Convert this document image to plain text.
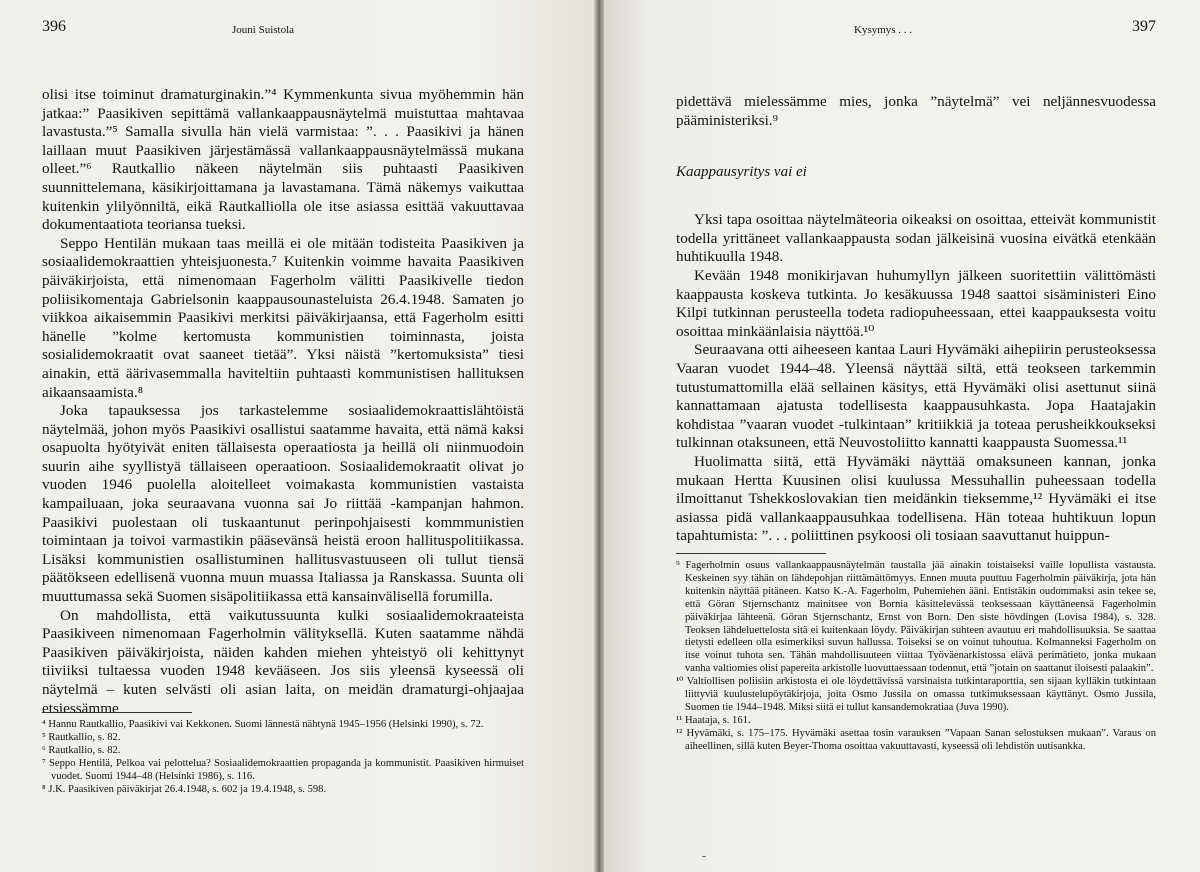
396	Jouni Suistola

olisi itse toiminut dramaturginakin.”⁴ Kymmenkunta sivua myöhemmin hän jatkaa:” Paasikiven sepittämä vallankaappausnäytelmä muistuttaa mahtavaa lavastusta.”⁵ Samalla sivulla hän vielä varmistaa: ”. . . Paasikivi ja hänen laillaan muut Paasikiven järjestämässä vallankaappausnäytelmässä mukana olleet.”⁶ Rautkallio näkeen näytelmän siis puhtaasti Paasikiven suunnittelemana, käsikirjoittamana ja lavastamana. Tämä näkemys vaikuttaa kuitenkin ylilyönniltä, eikä Rautkalliolla ole itse asiassa esittää vakuuttavaa dokumentaatiota teoriansa tueksi.

Seppo Hentilän mukaan taas meillä ei ole mitään todisteita Paasikiven ja sosiaalidemokraattien yhteisjuonesta.⁷ Kuitenkin voimme havaita Paasikiven päiväkirjoista, että nimenomaan Fagerholm välitti Paasikivelle tiedon poliisikomentaja Gabrielsonin kaappausounasteluista 26.4.1948. Samaten jo viikkoa aikaisemmin Paasikivi merkitsi päiväkirjaansa, että Fagerholm esitti hänelle ”kolme kertomusta kommunistien toiminnasta, joista sosialidemokraatit ovat saaneet tietää”. Yksi näistä ”kertomuksista” tiesi ainakin, että äärivasemmalla haviteltiin puhtaasti kommunistisen hallituksen aikaansaamista.⁸

Joka tapauksessa jos tarkastelemme sosiaalidemokraattislähtöistä näytelmää, johon myös Paasikivi osallistui saatamme havaita, että nämä kaksi osapuolta hyötyivät eniten tällaisesta operaatiosta ja heillä oli niinmuodoin suurin aihe syyllistyä tällaiseen operaatioon. Sosiaalidemokraatit olivat jo vuoden 1946 puolella aloitelleet voimakasta kommunistien vastaista kampailuaan, joka seuraavana vuonna sai Jo riittää -kampanjan hahmon. Paasikivi puolestaan oli tuskaantunut perinpohjaisesti kommmunistien toimintaan ja toivoi varmastikin pääsevänsä heistä eroon hallituspolitiikassa. Lisäksi kommunistien osallistuminen hallitusvastuuseen oli tullut tiensä päätökseen edellisenä vuonna muun muassa Italiassa ja Ranskassa. Suunta oli muuttumassa sekä Suomen sisäpolitiikassa että kansainvälisellä forumilla.

On mahdollista, että vaikutussuunta kulki sosiaalidemokraateista Paasikiveen nimenomaan Fagerholmin välityksellä. Kuten saatamme nähdä Paasikiven päiväkirjoista, näiden kahden miehen yhteistyö oli kehittynyt tiiviiksi tultaessa vuoden 1948 kevääseen. Jos siis yleensä kyseessä oli näytelmä – kuten selvästi oli asian laita, on meidän dramaturgi-ohjaajaa etsiessämme

⁴ Hannu Rautkallio, Paasikivi vai Kekkonen. Suomi lännestä nähtynä 1945–1956 (Helsinki 1990), s. 72.

⁵ Rautkallio, s. 82.

⁶ Rautkallio, s. 82.

⁷ Seppo Hentilä, Pelkoa vai pelottelua? Sosiaalidemokraattien propaganda ja kommunistit. Paasikiven hirmuiset vuodet. Suomi 1944–48 (Helsinki 1986), s. 116.

⁸ J.K. Paasikiven päiväkirjat 26.4.1948, s. 602 ja 19.4.1948, s. 598.

Kysymys . . .	397

pidettävä mielessämme mies, jonka ”näytelmä” vei neljännesvuodessa pääministeriksi.⁹

Kaappausyritys vai ei

Yksi tapa osoittaa näytelmäteoria oikeaksi on osoittaa, etteivät kommunistit todella yrittäneet vallankaappausta sodan jälkeisinä vuosina eivätkä etenkään huhtikuulla 1948.

Kevään 1948 monikirjavan huhumyllyn jälkeen suoritettiin välittömästi kaappausta koskeva tutkinta. Jo kesäkuussa 1948 saattoi sisäministeri Eino Kilpi tutkinnan perusteella todeta radiopuheessaan, ettei kaappauksesta voitu osoittaa minkäänlaisia näyttöä.¹⁰

Seuraavana otti aiheeseen kantaa Lauri Hyvämäki aihepiirin perusteoksessa Vaaran vuodet 1944–48. Yleensä näyttää siltä, että teokseen tarkemmin tutustumattomilla elää sellainen käsitys, että Hyvämäki olisi asettunut siinä kannattamaan ajatusta todellisesta kaappausuhkasta. Jopa Haatajakin kohdistaa ”vaaran vuodet -tulkintaan” kritiikkiä ja toteaa perusheikkoukseksi tulkinnan otaksuneen, että Neuvostoliitto kannatti kaappausta Suomessa.¹¹

Huolimatta siitä, että Hyvämäki näyttää omaksuneen kannan, jonka mukaan Hertta Kuusinen olisi kuulussa Messuhallin puheessaan todella ilmoittanut Tshekkoslovakian tien meidänkin tieksemme,¹² Hyvämäki ei itse asiassa pidä vallankaappausuhkaa todellisena. Hän toteaa huhtikuun lopun tapahtumista: ”. . . poliittinen psykoosi oli tosiaan saavuttanut huippun-

⁹ Fagerholmin osuus vallankaappausnäytelmän taustalla jää ainakin toistaiseksi vaille lopullista vastausta. Keskeinen syy tähän on lähdepohjan riittämättömyys. Ennen muuta puuttuu Fagerholmin päiväkirja, jota hän kuitenkin näyttää pitäneen. Katso K.-A. Fagerholm, Puhemiehen ääni. Entistäkin oudommaksi asin tekee se, että Göran Stjernschantz mainitsee von Bornia käsittelevässä teoksessaan käyttäneensä Fagerholmin päiväkirjaa lähteenä. Göran Stjernschantz, Ernst von Born. Den siste hövdingen (Lovisa 1984), s. 328. Teoksen lähdeluettelosta sitä ei kuitenkaan löydy. Päiväkirjan suhteen avautuu eri mahdollisuuksia. Se saattaa tietysti edelleen olla esimerkiksi suvun hallussa. Toiseksi se on voinut tuhoutua. Kolmanneksi Fagerholm on itse voinut tuhota sen. Tähän mahdollisuuteen viittaa Työväenarkistossa elävä perimätieto, jonka mukaan vanha valtiomies olisi papereita arkistolle luovuttaessaan todennut, että ”jotain on saattanut iloisesti palaakin”.

¹⁰ Valtiollisen poliisiin arkistosta ei ole löydettävissä varsinaista tutkintaraporttia, sen sijaan kylläkin tutkintaan liittyviä kuulustelupöytäkirjoja, joita Osmo Jussila on omassa tutkimuksessaan käyttänyt. Osmo Jussila, Suomen tie 1944–1948. Miksi siitä ei tullut kansandemokratiaa (Juva 1990).

¹¹ Haataja, s. 161.

¹² Hyvämäki, s. 175–175. Hyvämäki asettaa tosin varauksen ”Vapaan Sanan selostuksen mukaan”. Varaus on aiheellinen, sillä kuten Beyer-Thoma osoittaa vakuuttavasti, kyseessä oli lehdistön uutisankka.

ˉ
